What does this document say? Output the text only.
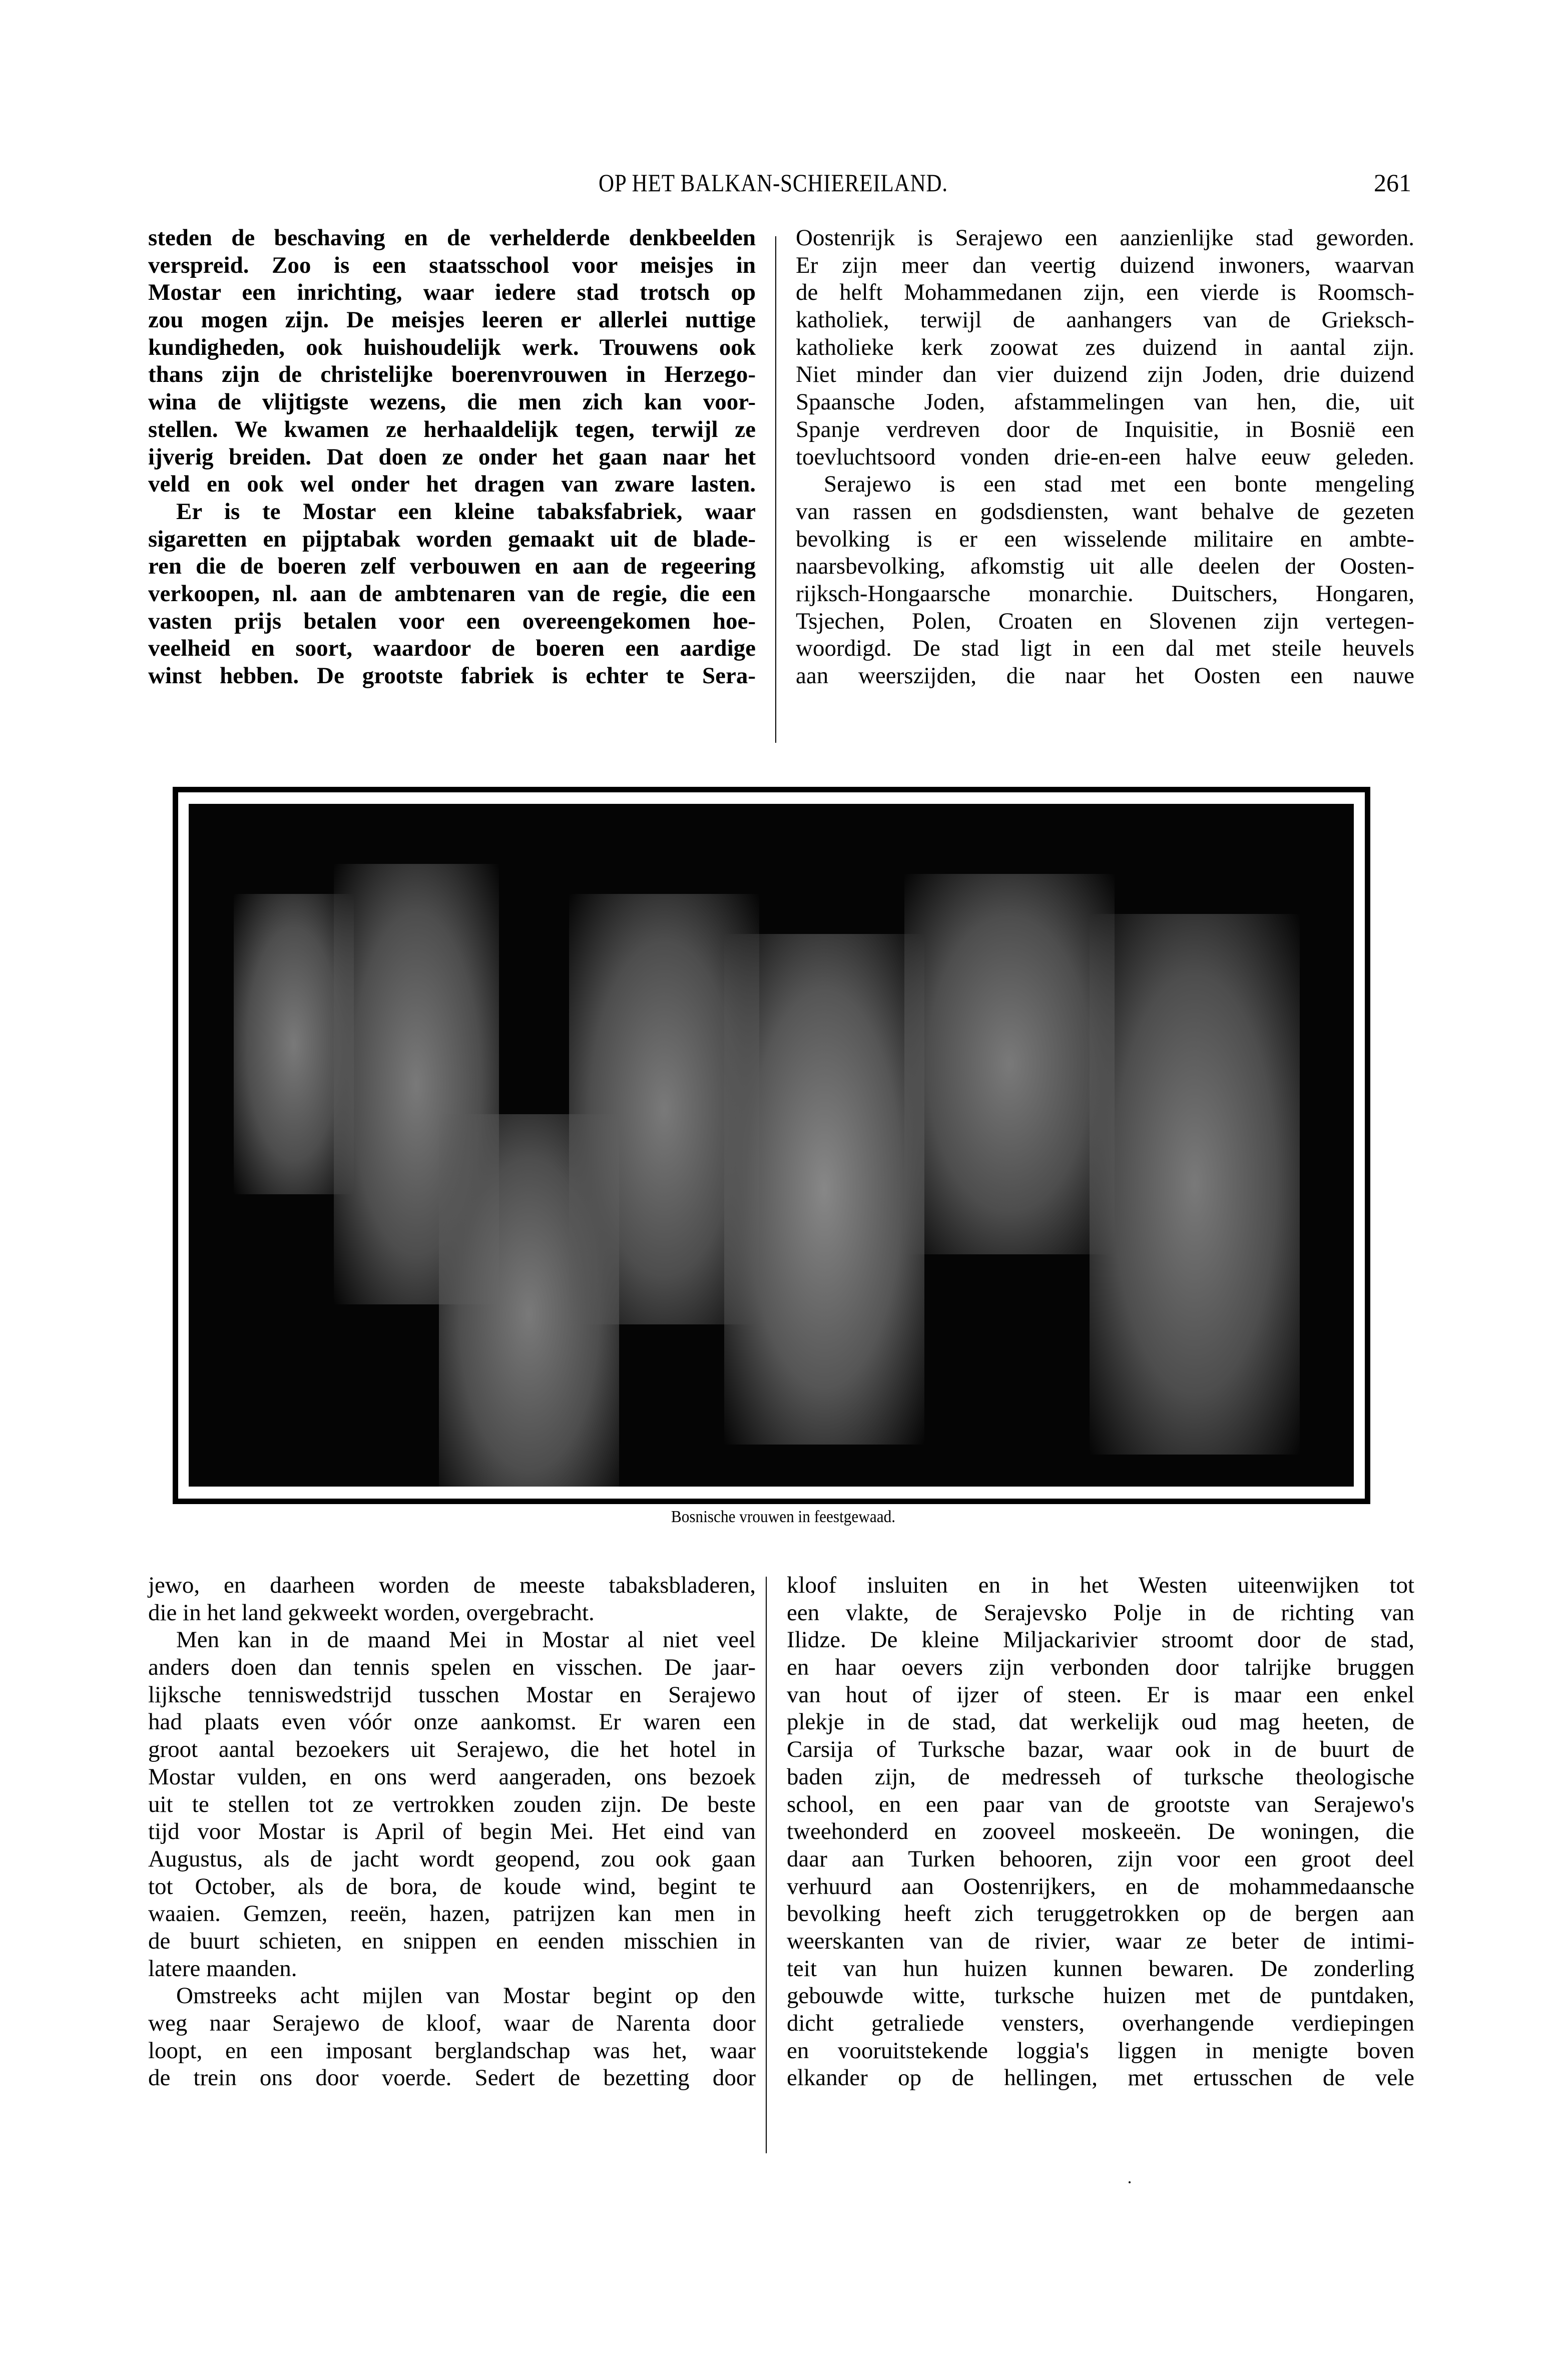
OP HET BALKAN-SCHIEREILAND.	261
steden de beschaving en de verhelderde denkbeelden
verspreid. Zoo is een staatsschool voor meisjes in
Mostar een inrichting, waar iedere stad trotsch op
zou mogen zijn. De meisjes leeren er allerlei nuttige
kundigheden, ook huishoudelijk werk. Trouwens ook
thans zijn de christelijke boerenvrouwen in Herzego-
wina de vlijtigste wezens, die men zich kan voor-
stellen. We kwamen ze herhaaldelijk tegen, terwijl ze
ijverig breiden. Dat doen ze onder het gaan naar het
veld en ook wel onder het dragen van zware lasten.
Er is te Mostar een kleine tabaksfabriek, waar
sigaretten en pijptabak worden gemaakt uit de blade-
ren die de boeren zelf verbouwen en aan de regeering
verkoopen, nl. aan de ambtenaren van de regie, die een
vasten prijs betalen voor een overeengekomen hoe-
veelheid en soort, waardoor de boeren een aardige
winst hebben. De grootste fabriek is echter te Sera-
Oostenrijk is Serajewo een aanzienlijke stad geworden.
Er zijn meer dan veertig duizend inwoners, waarvan
de helft Mohammedanen zijn, een vierde is Roomsch-
katholiek, terwijl de aanhangers van de Grieksch-
katholieke kerk zoowat zes duizend in aantal zijn.
Niet minder dan vier duizend zijn Joden, drie duizend
Spaansche Joden, afstammelingen van hen, die, uit
Spanje verdreven door de Inquisitie, in Bosnië een
toevluchtsoord vonden drie-en-een halve eeuw geleden.
Serajewo is een stad met een bonte mengeling
van rassen en godsdiensten, want behalve de gezeten
bevolking is er een wisselende militaire en ambte-
naarsbevolking, afkomstig uit alle deelen der Oosten-
rijksch-Hongaarsche monarchie. Duitschers, Hongaren,
Tsjechen, Polen, Croaten en Slovenen zijn vertegen-
woordigd. De stad ligt in een dal met steile heuvels
aan weerszijden, die naar het Oosten een nauwe
Bosnische vrouwen in feestgewaad.
jewo, en daarheen worden de meeste tabaksbladeren,
die in het land gekweekt worden, overgebracht.
Men kan in de maand Mei in Mostar al niet veel
anders doen dan tennis spelen en visschen. De jaar-
lijksche tenniswedstrijd tusschen Mostar en Serajewo
had plaats even vóór onze aankomst. Er waren een
groot aantal bezoekers uit Serajewo, die het hotel in
Mostar vulden, en ons werd aangeraden, ons bezoek
uit te stellen tot ze vertrokken zouden zijn. De beste
tijd voor Mostar is April of begin Mei. Het eind van
Augustus, als de jacht wordt geopend, zou ook gaan
tot October, als de bora, de koude wind, begint te
waaien. Gemzen, reeën, hazen, patrijzen kan men in
de buurt schieten, en snippen en eenden misschien in
latere maanden.
Omstreeks acht mijlen van Mostar begint op den
weg naar Serajewo de kloof, waar de Narenta door
loopt, en een imposant berglandschap was het, waar
de trein ons door voerde. Sedert de bezetting door
kloof insluiten en in het Westen uiteenwijken tot
een vlakte, de Serajevsko Polje in de richting van
Ilidze. De kleine Miljackarivier stroomt door de stad,
en haar oevers zijn verbonden door talrijke bruggen
van hout of ijzer of steen. Er is maar een enkel
plekje in de stad, dat werkelijk oud mag heeten, de
Carsija of Turksche bazar, waar ook in de buurt de
baden zijn, de medresseh of turksche theologische
school, en een paar van de grootste van Serajewo's
tweehonderd en zooveel moskeeën. De woningen, die
daar aan Turken behooren, zijn voor een groot deel
verhuurd aan Oostenrijkers, en de mohammedaansche
bevolking heeft zich teruggetrokken op de bergen aan
weerskanten van de rivier, waar ze beter de intimi-
teit van hun huizen kunnen bewaren. De zonderling
gebouwde witte, turksche huizen met de puntdaken,
dicht getraliede vensters, overhangende verdiepingen
en vooruitstekende loggia's liggen in menigte boven
elkander op de hellingen, met ertusschen de vele
